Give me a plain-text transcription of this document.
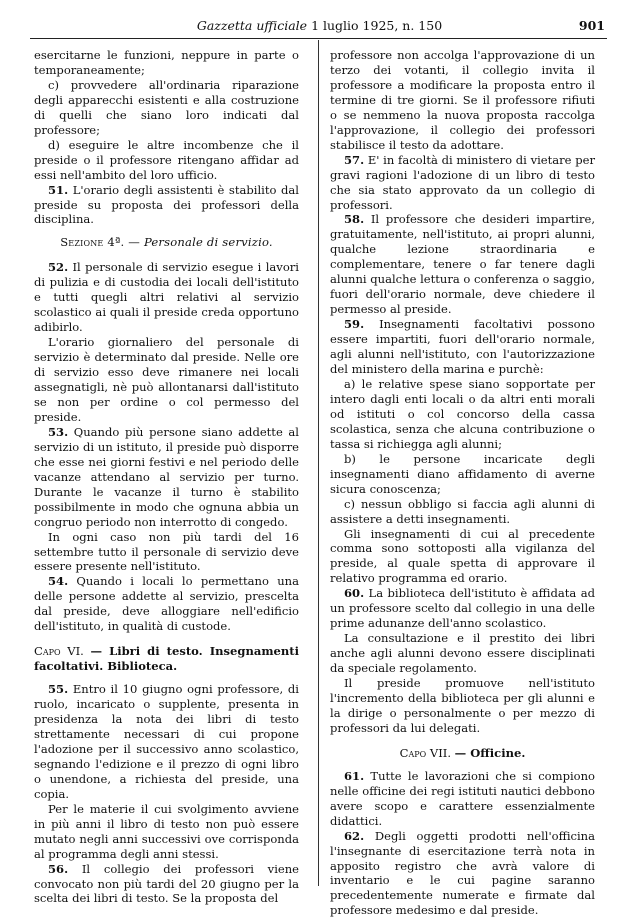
Gazzetta ufficiale 1 luglio 1925, n. 150	901

esercitarne le funzioni, neppure in parte o temporaneamente;

c) provvedere all'ordinaria riparazione degli apparecchi esistenti e alla costruzione di quelli che siano loro indicati dal professore;

d) eseguire le altre incombenze che il preside o il professore ritengano affidar ad essi nell'ambito del loro ufficio.

51. L'orario degli assistenti è stabilito dal preside su proposta dei professori della disciplina.

Sezione 4ª. — Personale di servizio.

52. Il personale di servizio esegue i lavori di pulizia e di custodia dei locali dell'istituto e tutti quegli altri relativi al servizio scolastico ai quali il preside creda opportuno adibirlo.

L'orario giornaliero del personale di servizio è determinato dal preside. Nelle ore di servizio esso deve rimanere nei locali assegnatigli, nè può allontanarsi dall'istituto se non per ordine o col permesso del preside.

53. Quando più persone siano addette al servizio di un istituto, il preside può disporre che esse nei giorni festivi e nel periodo delle vacanze attendano al servizio per turno. Durante le vacanze il turno è stabilito possibilmente in modo che ognuna abbia un congruo periodo non interrotto di congedo.

In ogni caso non più tardi del 16 settembre tutto il personale di servizio deve essere presente nell'istituto.

54. Quando i locali lo permettano una delle persone addette al servizio, prescelta dal preside, deve alloggiare nell'edificio dell'istituto, in qualità di custode.

Capo VI. — Libri di testo. Insegnamenti facoltativi. Biblioteca.

55. Entro il 10 giugno ogni professore, di ruolo, incaricato o supplente, presenta in presidenza la nota dei libri di testo strettamente necessari di cui propone l'adozione per il successivo anno scolastico, segnando l'edizione e il prezzo di ogni libro o unendone, a richiesta del preside, una copia.

Per le materie il cui svolgimento avviene in più anni il libro di testo non può essere mutato negli anni successivi ove corrisponda al programma degli anni stessi.

56. Il collegio dei professori viene convocato non più tardi del 20 giugno per la scelta dei libri di testo. Se la proposta del

professore non accolga l'approvazione di un terzo dei votanti, il collegio invita il professore a modificare la proposta entro il termine di tre giorni. Se il professore rifiuti o se nemmeno la nuova proposta raccolga l'approvazione, il collegio dei professori stabilisce il testo da adottare.

57. E' in facoltà di ministero di vietare per gravi ragioni l'adozione di un libro di testo che sia stato approvato da un collegio di professori.

58. Il professore che desideri impartire, gratuitamente, nell'istituto, ai propri alunni, qualche lezione straordinaria e complementare, tenere o far tenere dagli alunni qualche lettura o conferenza o saggio, fuori dell'orario normale, deve chiedere il permesso al preside.

59. Insegnamenti facoltativi possono essere impartiti, fuori dell'orario normale, agli alunni nell'istituto, con l'autorizzazione del ministero della marina e purchè:

a) le relative spese siano sopportate per intero dagli enti locali o da altri enti morali od istituti o col concorso della cassa scolastica, senza che alcuna contribuzione o tassa si richiegga agli alunni;

b) le persone incaricate degli insegnamenti diano affidamento di averne sicura conoscenza;

c) nessun obbligo si faccia agli alunni di assistere a detti insegnamenti.

Gli insegnamenti di cui al precedente comma sono sottoposti alla vigilanza del preside, al quale spetta di approvare il relativo programma ed orario.

60. La biblioteca dell'istituto è affidata ad un professore scelto dal collegio in una delle prime adunanze dell'anno scolastico.

La consultazione e il prestito dei libri anche agli alunni devono essere disciplinati da speciale regolamento.

Il preside promuove nell'istituto l'incremento della biblioteca per gli alunni e la dirige o personalmente o per mezzo di professori da lui delegati.

Capo VII. — Officine.

61. Tutte le lavorazioni che si compiono nelle officine dei regi istituti nautici debbono avere scopo e carattere essenzialmente didattici.

62. Degli oggetti prodotti nell'officina l'insegnante di esercitazione terrà nota in apposito registro che avrà valore di inventario e le cui pagine saranno precedentemente numerate e firmate dal professore medesimo e dal preside.
